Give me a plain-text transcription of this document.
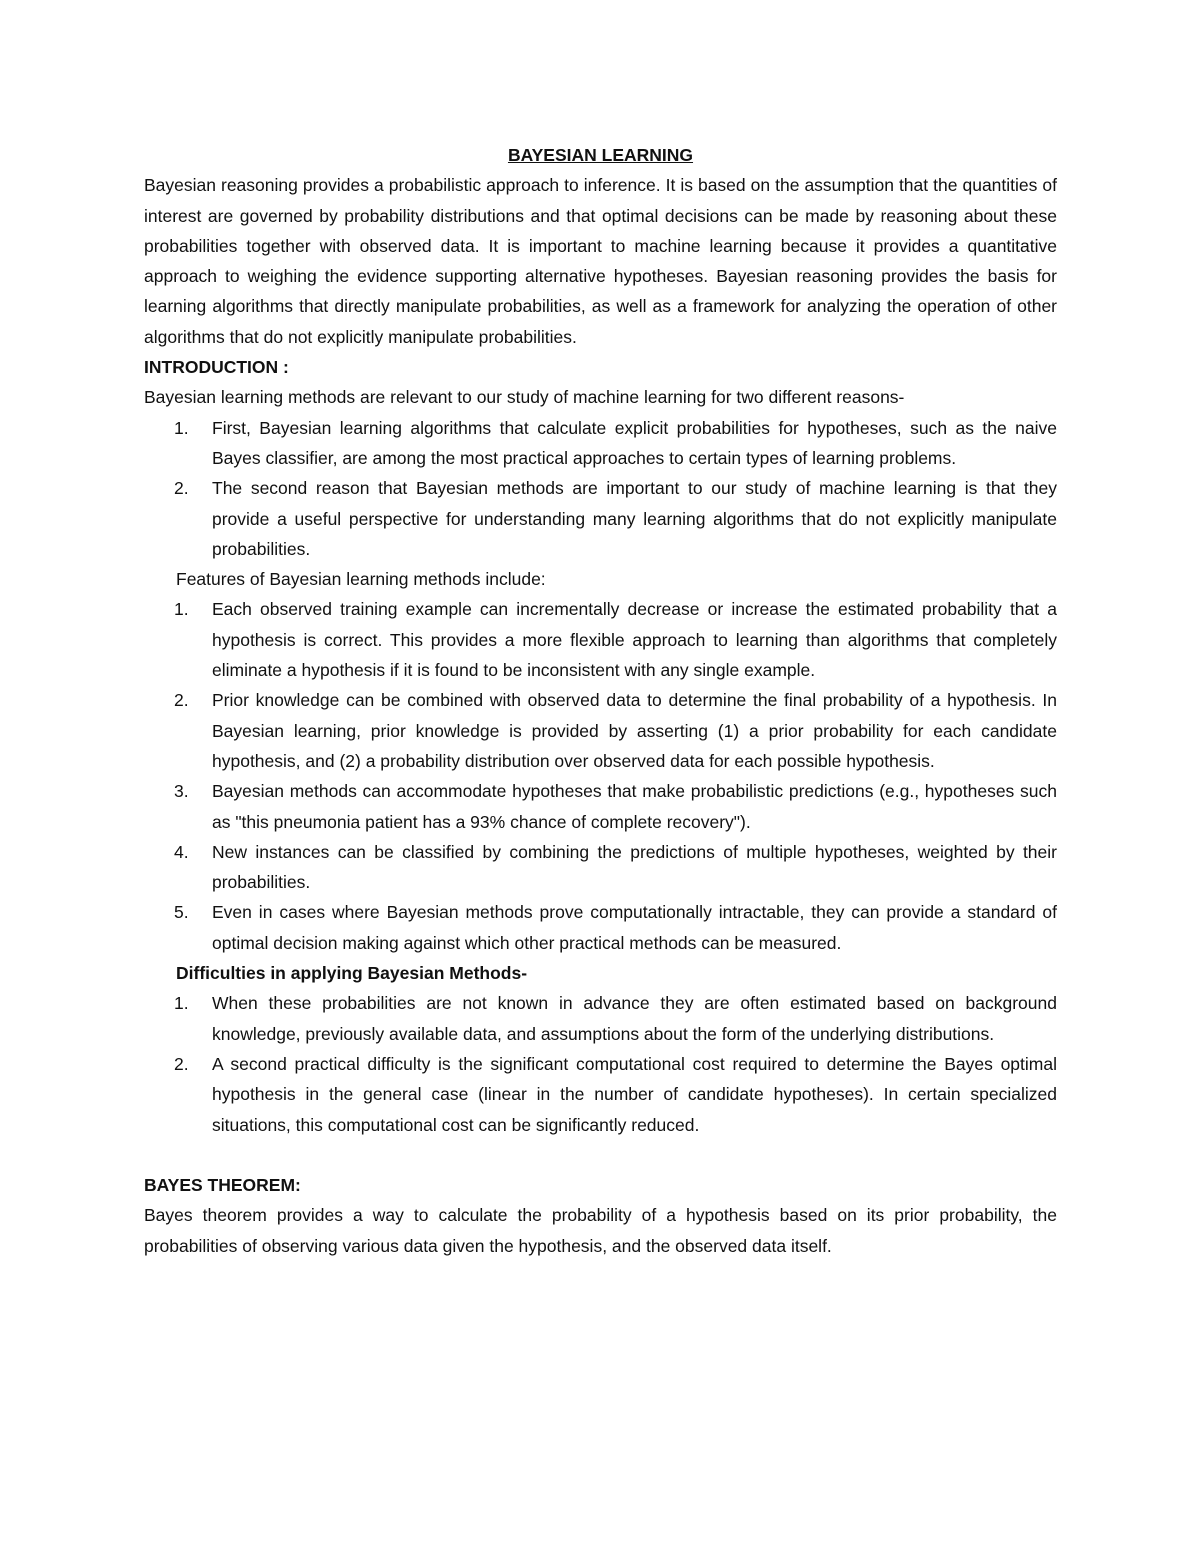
BAYESIAN LEARNING

Bayesian reasoning provides a probabilistic approach to inference. It is based on the assumption that the quantities of interest are governed by probability distributions and that optimal decisions can be made by reasoning about these probabilities together with observed data. It is important to machine learning because it provides a quantitative approach to weighing the evidence supporting alternative hypotheses. Bayesian reasoning provides the basis for learning algorithms that directly manipulate probabilities, as well as a framework for analyzing the operation of other algorithms that do not explicitly manipulate probabilities.

INTRODUCTION :

Bayesian learning methods are relevant to our study of machine learning for two different reasons-

1. First, Bayesian learning algorithms that calculate explicit probabilities for hypotheses, such as the naive Bayes classifier, are among the most practical approaches to certain types of learning problems.
2. The second reason that Bayesian methods are important to our study of machine learning is that they provide a useful perspective for understanding many learning algorithms that do not explicitly manipulate probabilities.

Features of Bayesian learning methods include:

1. Each observed training example can incrementally decrease or increase the estimated probability that a hypothesis is correct. This provides a more flexible approach to learning than algorithms that completely eliminate a hypothesis if it is found to be inconsistent with any single example.
2. Prior knowledge can be combined with observed data to determine the final probability of a hypothesis. In Bayesian learning, prior knowledge is provided by asserting (1) a prior probability for each candidate hypothesis, and (2) a probability distribution over observed data for each possible hypothesis.
3. Bayesian methods can accommodate hypotheses that make probabilistic predictions (e.g., hypotheses such as "this pneumonia patient has a 93% chance of complete recovery").
4. New instances can be classified by combining the predictions of multiple hypotheses, weighted by their probabilities.
5. Even in cases where Bayesian methods prove computationally intractable, they can provide a standard of optimal decision making against which other practical methods can be measured.

Difficulties in applying Bayesian Methods-

1. When these probabilities are not known in advance they are often estimated based on background knowledge, previously available data, and assumptions about the form of the underlying distributions.
2. A second practical difficulty is the significant computational cost required to determine the Bayes optimal hypothesis in the general case (linear in the number of candidate hypotheses). In certain specialized situations, this computational cost can be significantly reduced.

BAYES THEOREM:

Bayes theorem provides a way to calculate the probability of a hypothesis based on its prior probability, the probabilities of observing various data given the hypothesis, and the observed data itself.
